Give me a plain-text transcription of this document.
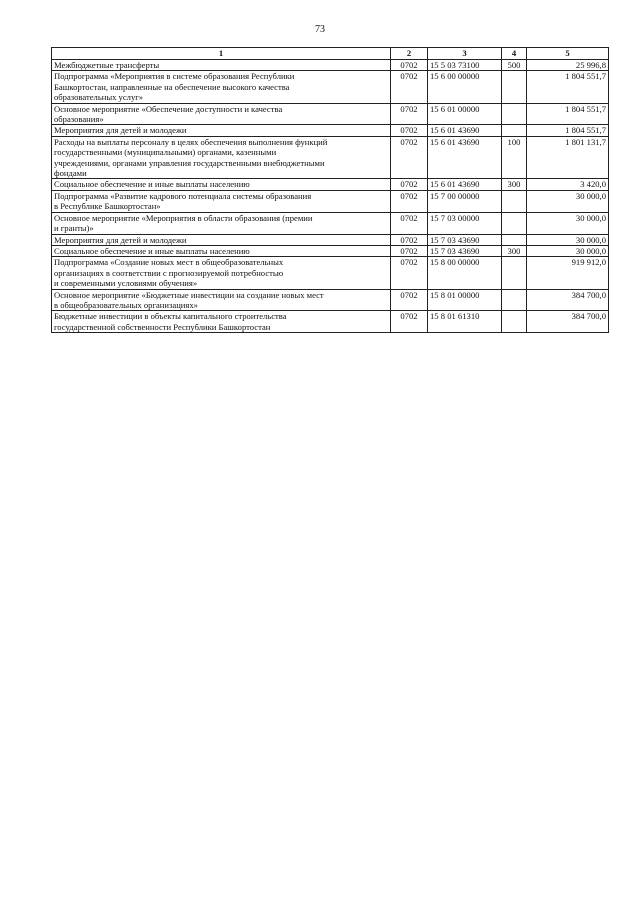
73
1	2	3	4	5
Межбюджетные трансферты	0702	15 5 03 73100	500	25 996,8
Подпрограмма «Мероприятия в системе образования Республики
Башкортостан, направленные на обеспечение высокого качества
образовательных услуг»	0702	15 6 00 00000		1 804 551,7
Основное мероприятие «Обеспечение доступности и качества
образования»	0702	15 6 01 00000		1 804 551,7
Мероприятия для детей и молодежи	0702	15 6 01 43690		1 804 551,7
Расходы на выплаты персоналу в целях обеспечения выполнения функций
государственными (муниципальными) органами, казенными
учреждениями, органами управления государственными внебюджетными
фондами	0702	15 6 01 43690	100	1 801 131,7
Социальное обеспечение и иные выплаты населению	0702	15 6 01 43690	300	3 420,0
Подпрограмма «Развитие кадрового потенциала системы образования
в Республике Башкортостан»	0702	15 7 00 00000		30 000,0
Основное мероприятие «Мероприятия в области образования (премии
и гранты)»	0702	15 7 03 00000		30 000,0
Мероприятия для детей и молодежи	0702	15 7 03 43690		30 000,0
Социальное обеспечение и иные выплаты населению	0702	15 7 03 43690	300	30 000,0
Подпрограмма «Создание новых мест в общеобразовательных
организациях в соответствии с прогнозируемой потребностью
и современными условиями обучения»	0702	15 8 00 00000		919 912,0
Основное мероприятие «Бюджетные инвестиции на создание новых мест
в общеобразовательных организациях»	0702	15 8 01 00000		384 700,0
Бюджетные инвестиции в объекты капитального строительства
государственной собственности Республики Башкортостан	0702	15 8 01 61310		384 700,0
